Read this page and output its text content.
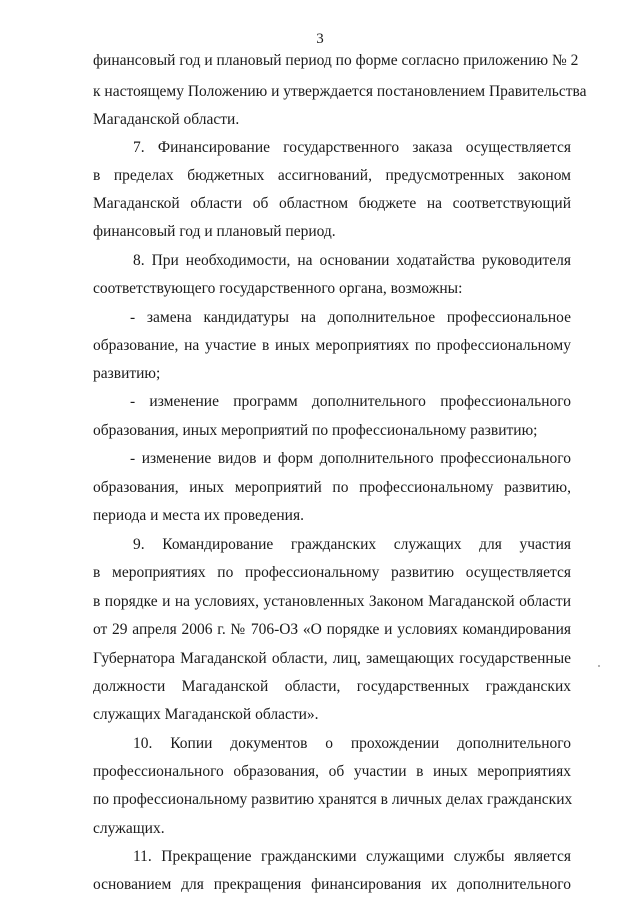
3
финансовый год и плановый период по форме согласно приложению № 2
к настоящему Положению и утверждается постановлением Правительства
Магаданской области.
7. Финансирование государственного заказа осуществляется
в пределах бюджетных ассигнований, предусмотренных законом
Магаданской области об областном бюджете на соответствующий
финансовый год и плановый период.
8. При необходимости, на основании ходатайства руководителя
соответствующего государственного органа, возможны:
- замена кандидатуры на дополнительное профессиональное
образование, на участие в иных мероприятиях по профессиональному
развитию;
- изменение программ дополнительного профессионального
образования, иных мероприятий по профессиональному развитию;
- изменение видов и форм дополнительного профессионального
образования, иных мероприятий по профессиональному развитию,
периода и места их проведения.
9. Командирование гражданских служащих для участия
в мероприятиях по профессиональному развитию осуществляется
в порядке и на условиях, установленных Законом Магаданской области
от 29 апреля 2006 г. № 706-ОЗ «О порядке и условиях командирования
Губернатора Магаданской области, лиц, замещающих государственные
должности Магаданской области, государственных гражданских
служащих Магаданской области».
10. Копии документов о прохождении дополнительного
профессионального образования, об участии в иных мероприятиях
по профессиональному развитию хранятся в личных делах гражданских
служащих.
11. Прекращение гражданскими служащими службы является
основанием для прекращения финансирования их дополнительного
